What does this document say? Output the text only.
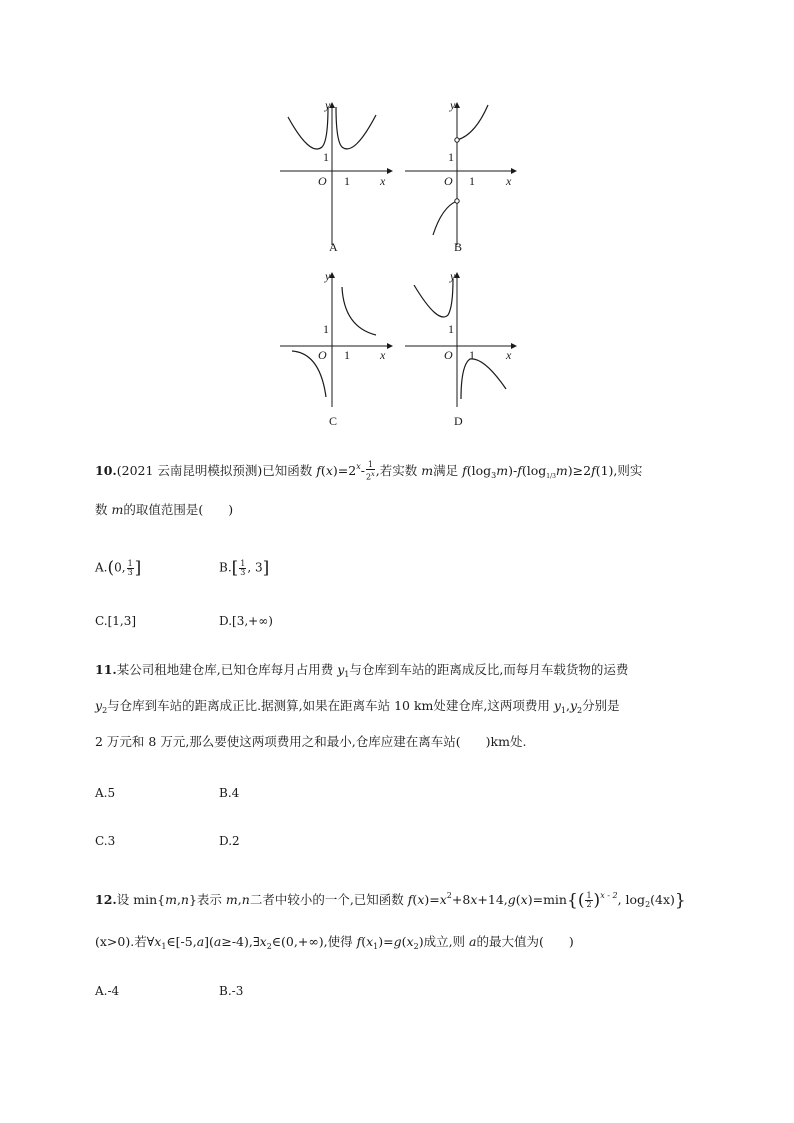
y
x
O
1
1
A
y
x
O
1
1
B
y
x
O
1
1
C
y
x
O
1
1
D
10.(2021 云南昆明模拟预测)已知函数 $f(x)=2^x- \frac{1}{2^x}$ ,若实数 m满足 $f(\log_3m)-f(\log_{1/3}m)\ge 2f(1)$,则实
数 m的取值范围是(　　)
A.(0, $\frac{1}{3}$ ]	$B.[ \frac{1}{3}$ , 3]
C.[1,3]	D.[3,+∞)
11.某公司租地建仓库,已知仓库每月占用费 $y_1$与仓库到车站的距离成反比,而每月车载货物的运费
$y_2$与仓库到车站的距离成正比.据测算,如果在距离车站 10 km处建仓库,这两项费用 $y_1,y_2$分别是
2 万元和 8 万元,那么要使这两项费用之和最小,仓库应建在离车站(　　)km处.
A.5	B.4
C.3	D.2
12.设 min{m,n}表示 m,n二者中较小的一个,已知函数 $f(x)=x^2+8x+14,g(x)=\min\{( \frac{1}{2} )^{x - 2}$, $\log_2(4x)$}
(x>0).若$\forall x_1\in[-5,a](a\ge-4),\exists x_2\in(0,+\infty)$,使得 $f(x_1)=g(x_2)$成立,则 a的最大值为(　　)
A.-4	B.-3
